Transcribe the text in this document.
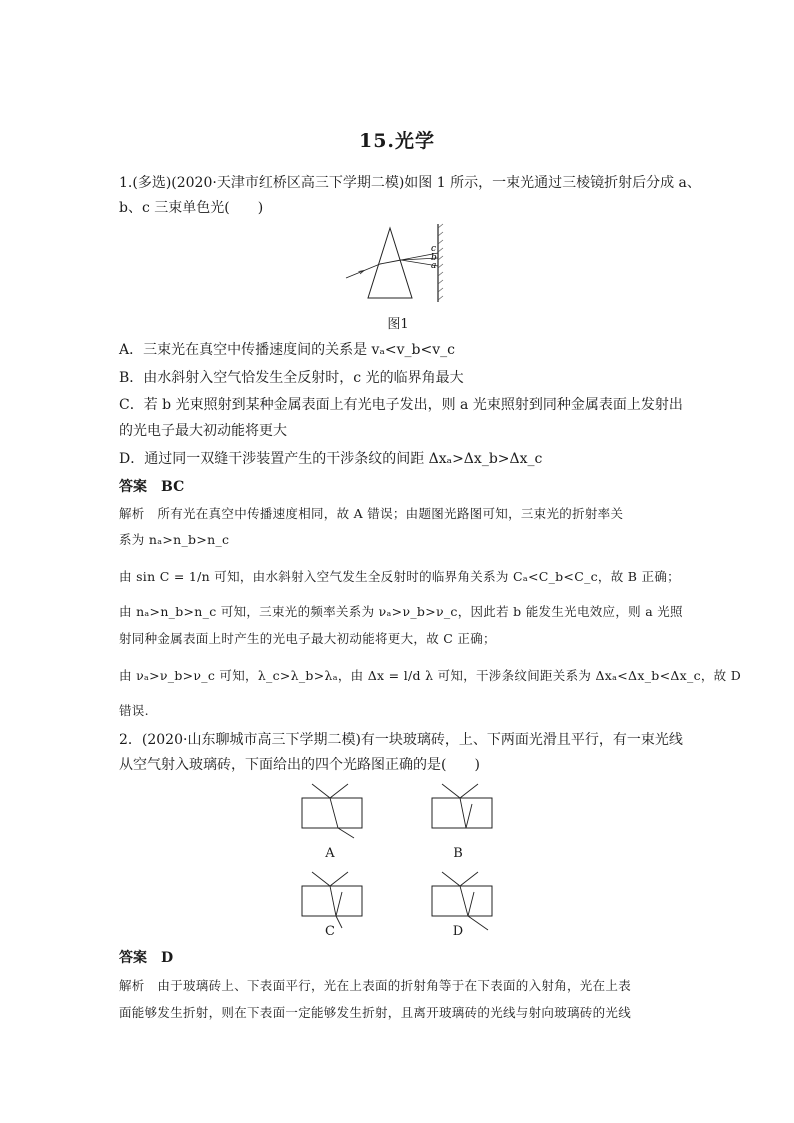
15.光学
1.(多选)(2020·天津市红桥区高三下学期二模)如图 1 所示，一束光通过三棱镜折射后分成 a、
b、c 三束单色光(　　)
c
b
a
图1
A．三束光在真空中传播速度间的关系是 vₐ<v_b<v_c
B．由水斜射入空气恰发生全反射时，c 光的临界角最大
C．若 b 光束照射到某种金属表面上有光电子发出，则 a 光束照射到同种金属表面上发射出
的光电子最大初动能将更大
D．通过同一双缝干涉装置产生的干涉条纹的间距 Δxₐ>Δx_b>Δx_c
答案　BC
解析　所有光在真空中传播速度相同，故 A 错误；由题图光路图可知，三束光的折射率关
系为 nₐ>n_b>n_c
由 sin C = 1/n 可知，由水斜射入空气发生全反射时的临界角关系为 Cₐ<C_b<C_c，故 B 正确；
由 nₐ>n_b>n_c 可知，三束光的频率关系为 νₐ>ν_b>ν_c，因此若 b 能发生光电效应，则 a 光照
射同种金属表面上时产生的光电子最大初动能将更大，故 C 正确；
由 νₐ>ν_b>ν_c 可知，λ_c>λ_b>λₐ，由 Δx = l/d λ 可知，干涉条纹间距关系为 Δxₐ<Δx_b<Δx_c，故 D
错误.
2．(2020·山东聊城市高三下学期二模)有一块玻璃砖，上、下两面光滑且平行，有一束光线
从空气射入玻璃砖，下面给出的四个光路图正确的是(　　)
A	B
C	D
答案　D
解析　由于玻璃砖上、下表面平行，光在上表面的折射角等于在下表面的入射角，光在上表
面能够发生折射，则在下表面一定能够发生折射，且离开玻璃砖的光线与射向玻璃砖的光线
